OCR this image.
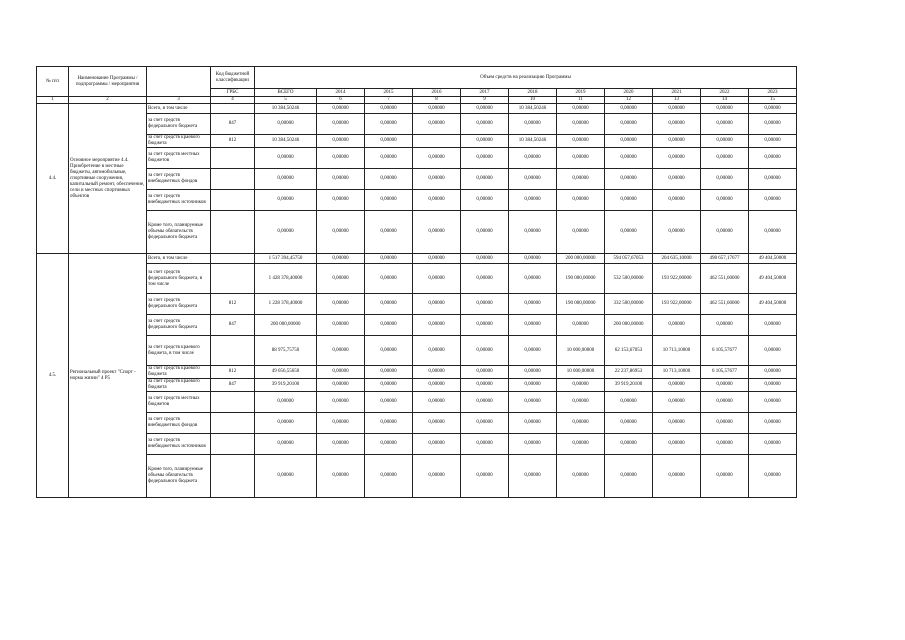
№ п/п	Наименование Программы / подпрограммы / мероприятия		Код бюджетной классификации	Объем средств на реализацию Программы										
			ГРБС	ВСЕГО	2014	2015	2016	2017	2018	2019	2020	2021	2022	2023
1	2	3	4	5	6	7	8	9	10	11	12	13	14	15
4.4.	Основное мероприятие 4.4. Приобретение в местные бюджеты, автомобильные, спортивные сооружения, капитальный ремонт, обеспечение, сели и местных спортивных объектов	Всего, в том числе		10 384,50246	0,00000	0,00000	0,00000	0,00000	10 384,50246	0,00000	0,00000	0,00000	0,00000	0,00000
		за счет средств федерального бюджета	847	0,00000	0,00000	0,00000	0,00000	0,00000	0,00000	0,00000	0,00000	0,00000	0,00000	0,00000
		за счет средств краевого бюджета	812	10 384,50246	0,00000	0,00000		0,00000	10 384,50246	0,00000	0,00000	0,00000	0,00000	0,00000
		за счет средств местных бюджетов		0,00000	0,00000	0,00000	0,00000	0,00000	0,00000	0,00000	0,00000	0,00000	0,00000	0,00000
		за счет средств внебюджетных фондов		0,00000	0,00000	0,00000	0,00000	0,00000	0,00000	0,00000	0,00000	0,00000	0,00000	0,00000
		за счет средств внебюджетных источников		0,00000	0,00000	0,00000	0,00000	0,00000	0,00000	0,00000	0,00000	0,00000	0,00000	0,00000
		Кроме того, планируемые объемы обязательств федерального бюджета		0,00000	0,00000	0,00000	0,00000	0,00000	0,00000	0,00000	0,00000	0,00000	0,00000	0,00000
4.5.	Региональный проект "Спорт - норма жизни" 4 P5	Всего, в том числе		1 517 394,45750	0,00000	0,00000	0,00000	0,00000	0,00000	200 000,00000	594 057,67053	204 635,10000	498 657,17677	49 404,50000
		за счет средств федерального бюджета, в том числе		1 428 378,40000	0,00000	0,00000	0,00000	0,00000	0,00000	190 000,00000	532 500,00000	193 922,00000	462 551,60000	49 404,50000
		за счет средств федерального бюджета	812	1 228 378,40000	0,00000	0,00000	0,00000	0,00000	0,00000	190 000,00000	332 500,00000	193 922,00000	462 551,60000	49 404,50000
		за счет средств федерального бюджета	847	200 000,00000	0,00000	0,00000	0,00000	0,00000	0,00000	0,00000	200 000,00000	0,00000	0,00000	0,00000
		за счет средств краевого бюджета, в том числе		88 975,75750	0,00000	0,00000	0,00000	0,00000	0,00000	10 000,00000	62 153,67053	10 713,10000	6 105,57677	0,00000
		за счет средств краевого бюджета	812	49 056,55650	0,00000	0,00000	0,00000	0,00000	0,00000	10 000,00000	22 237,86953	10 713,10000	6 105,57677	0,00000
		за счет средств краевого бюджета	847	39 919,20100	0,00000	0,00000	0,00000	0,00000	0,00000	0,00000	39 919,20100	0,00000	0,00000	0,00000
		за счет средств местных бюджетов		0,00000	0,00000	0,00000	0,00000	0,00000	0,00000	0,00000	0,00000	0,00000	0,00000	0,00000
		за счет средств внебюджетных фондов		0,00000	0,00000	0,00000	0,00000	0,00000	0,00000	0,00000	0,00000	0,00000	0,00000	0,00000
		за счет средств внебюджетных источников		0,00000	0,00000	0,00000	0,00000	0,00000	0,00000	0,00000	0,00000	0,00000	0,00000	0,00000
		Кроме того, планируемые объемы обязательств федерального бюджета		0,00000	0,00000	0,00000	0,00000	0,00000	0,00000	0,00000	0,00000	0,00000	0,00000	0,00000
